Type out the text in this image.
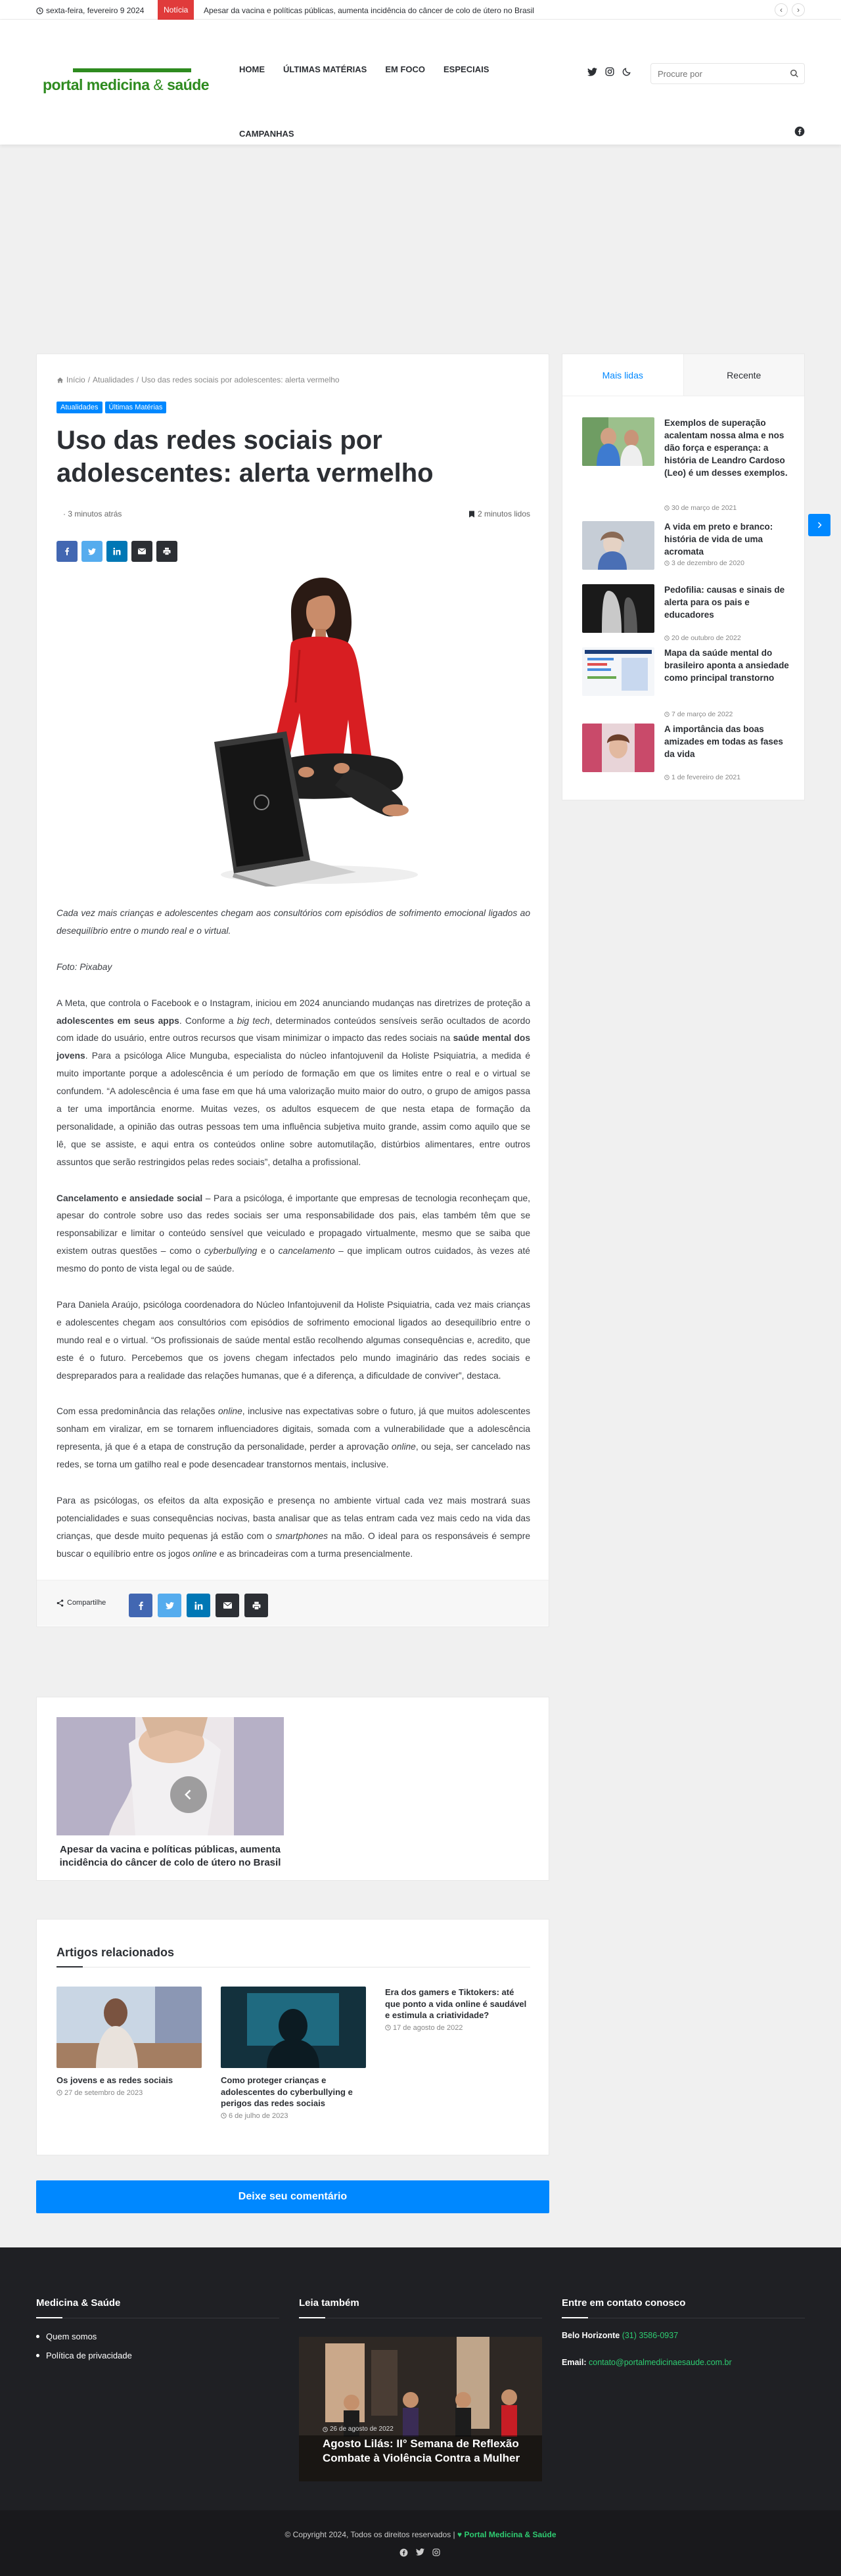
sexta-feira, fevereiro 9 2024	Notícia	Apesar da vacina e políticas públicas, aumenta incidência do câncer de colo de útero no Brasil	‹	›
portal medicina & saúde
HOME ÚLTIMAS MATÉRIAS EM FOCO ESPECIAIS
CAMPANHAS
Procure por
Início / Atualidades / Uso das redes sociais por adolescentes: alerta vermelho
Atualidades	Últimas Matérias
Uso das redes sociais por adolescentes: alerta vermelho
· 3 minutos atrás	2 minutos lidos

Cada vez mais crianças e adolescentes chegam aos consultórios com episódios de sofrimento emocional ligados ao desequilíbrio entre o mundo real e o virtual.

Foto: Pixabay

A Meta, que controla o Facebook e o Instagram, iniciou em 2024 anunciando mudanças nas diretrizes de proteção a adolescentes em seus apps. Conforme a big tech, determinados conteúdos sensíveis serão ocultados de acordo com idade do usuário, entre outros recursos que visam minimizar o impacto das redes sociais na saúde mental dos jovens. Para a psicóloga Alice Munguba, especialista do núcleo infantojuvenil da Holiste Psiquiatria, a medida é muito importante porque a adolescência é um período de formação em que os limites entre o real e o virtual se confundem. “A adolescência é uma fase em que há uma valorização muito maior do outro, o grupo de amigos passa a ter uma importância enorme. Muitas vezes, os adultos esquecem de que nesta etapa de formação da personalidade, a opinião das outras pessoas tem uma influência subjetiva muito grande, assim como aquilo que se lê, que se assiste, e aqui entra os conteúdos online sobre automutilação, distúrbios alimentares, entre outros assuntos que serão restringidos pelas redes sociais”, detalha a profissional.

Cancelamento e ansiedade social – Para a psicóloga, é importante que empresas de tecnologia reconheçam que, apesar do controle sobre uso das redes sociais ser uma responsabilidade dos pais, elas também têm que se responsabilizar e limitar o conteúdo sensível que veiculado e propagado virtualmente, mesmo que se saiba que existem outras questões – como o cyberbullying e o cancelamento – que implicam outros cuidados, às vezes até mesmo do ponto de vista legal ou de saúde.

Para Daniela Araújo, psicóloga coordenadora do Núcleo Infantojuvenil da Holiste Psiquiatria, cada vez mais crianças e adolescentes chegam aos consultórios com episódios de sofrimento emocional ligados ao desequilíbrio entre o mundo real e o virtual. “Os profissionais de saúde mental estão recolhendo algumas consequências e, acredito, que este é o futuro. Percebemos que os jovens chegam infectados pelo mundo imaginário das redes sociais e despreparados para a realidade das relações humanas, que é a diferença, a dificuldade de conviver”, destaca.

Com essa predominância das relações online, inclusive nas expectativas sobre o futuro, já que muitos adolescentes sonham em viralizar, em se tornarem influenciadores digitais, somada com a vulnerabilidade que a adolescência representa, já que é a etapa de construção da personalidade, perder a aprovação online, ou seja, ser cancelado nas redes, se torna um gatilho real e pode desencadear transtornos mentais, inclusive.

Para as psicólogas, os efeitos da alta exposição e presença no ambiente virtual cada vez mais mostrará suas potencialidades e suas consequências nocivas, basta analisar que as telas entram cada vez mais cedo na vida das crianças, que desde muito pequenas já estão com o smartphones na mão. O ideal para os responsáveis é sempre buscar o equilíbrio entre os jogos online e as brincadeiras com a turma presencialmente.

Compartilhe
Apesar da vacina e políticas públicas, aumenta incidência do câncer de colo de útero no Brasil
Artigos relacionados
Os jovens e as redes sociais
27 de setembro de 2023
Como proteger crianças e adolescentes do cyberbullying e perigos das redes sociais
6 de julho de 2023
Era dos gamers e Tiktokers: até que ponto a vida online é saudável e estimula a criatividade?
17 de agosto de 2022
Deixe seu comentário
Mais lidas	Recente
Exemplos de superação acalentam nossa alma e nos dão força e esperança: a história de Leandro Cardoso (Leo) é um desses exemplos.
30 de março de 2021
A vida em preto e branco: história de vida de uma acromata
3 de dezembro de 2020
Pedofilia: causas e sinais de alerta para os pais e educadores
20 de outubro de 2022
Mapa da saúde mental do brasileiro aponta a ansiedade como principal transtorno
7 de março de 2022
A importância das boas amizades em todas as fases da vida
1 de fevereiro de 2021
Medicina & Saúde
Quem somos
Política de privacidade
Leia também
26 de agosto de 2022
Agosto Lilás: II° Semana de Reflexão
Combate à Violência Contra a Mulher
Entre em contato conosco

Belo Horizonte (31) 3586-0937

Email: contato@portalmedicinaesaude.com.br

© Copyright 2024, Todos os direitos reservados | ♥ Portal Medicina & Saúde
